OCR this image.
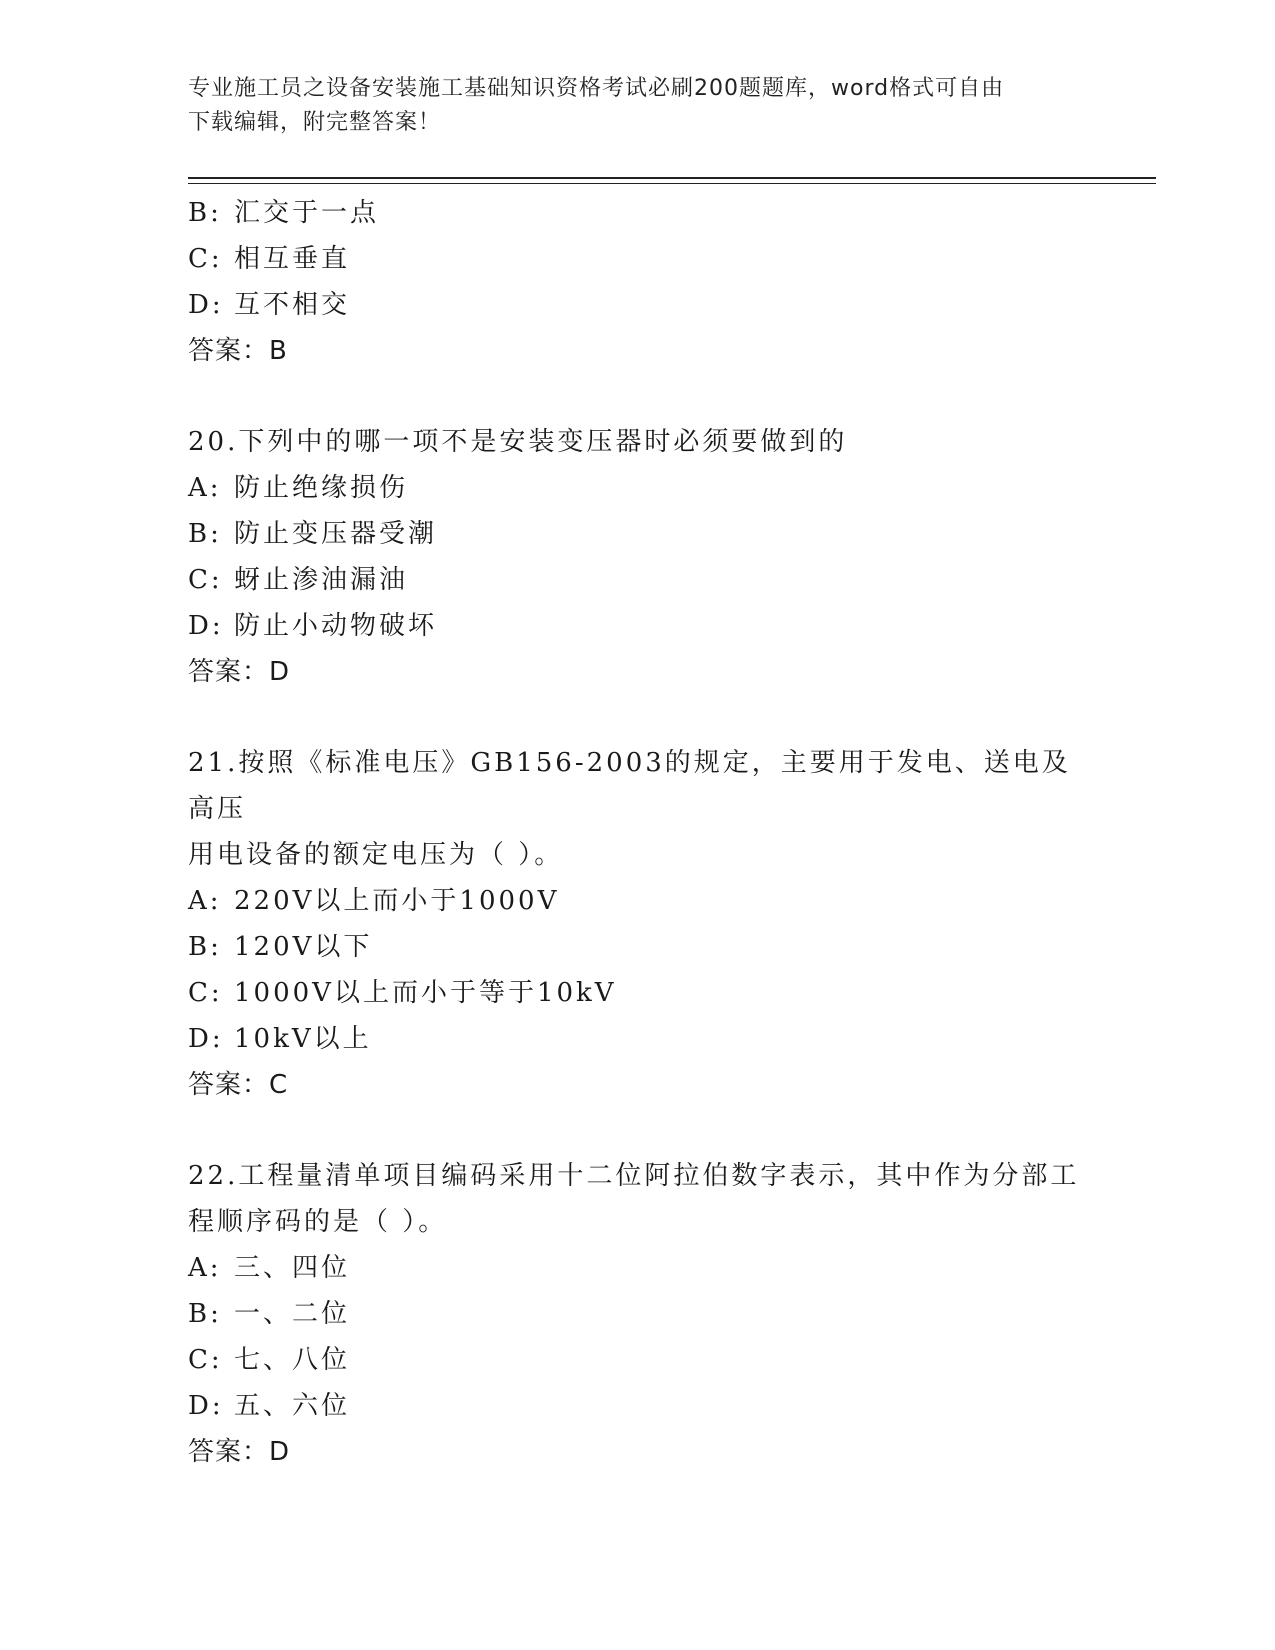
专业施工员之设备安装施工基础知识资格考试必刷200题题库，word格式可自由
下载编辑，附完整答案！
B: 汇交于一点
C: 相互垂直
D: 互不相交
答案：B
20.下列中的哪一项不是安装变压器时必须要做到的
A: 防止绝缘损伤
B: 防止变压器受潮
C: 蚜止渗油漏油
D: 防止小动物破坏
答案：D
21.按照《标准电压》GB156-2003的规定，主要用于发电、送电及高压
用电设备的额定电压为（ ）。
A: 220V以上而小于1000V
B: 120V以下
C: 1000V以上而小于等于10kV
D: 10kV以上
答案：C
22.工程量清单项目编码采用十二位阿拉伯数字表示，其中作为分部工
程顺序码的是（ ）。
A: 三、四位
B: 一、二位
C: 七、八位
D: 五、六位
答案：D
